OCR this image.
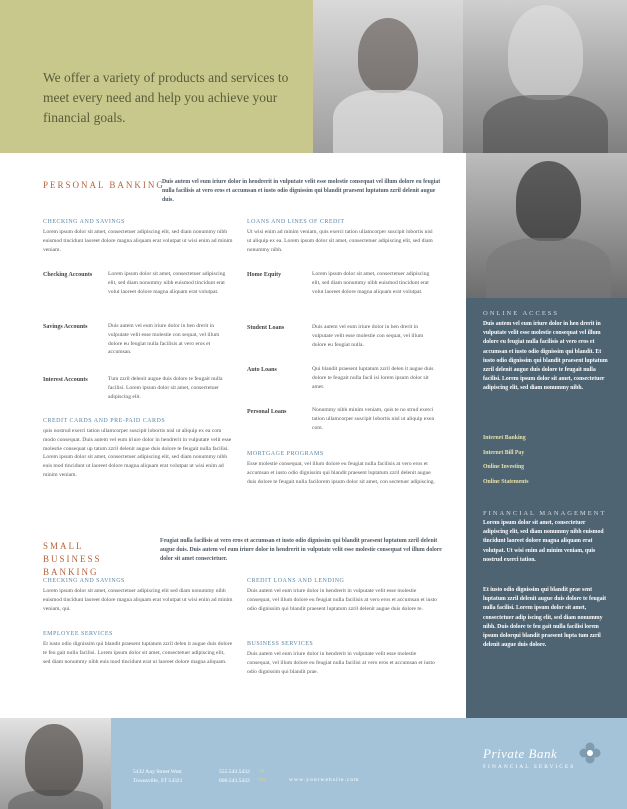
We offer a variety of products and services to meet every need and help you achieve your financial goals.
PERSONAL BANKING
Duis autem vel eum iriure dolor in hendrerit in vulputate velit esse molestie consequat vel illum dolore eu feugiat nulla facilisis at vero eros et accumsan et iusto odio dignissim qui blandit praesent luptatum zzril delenit augue duis.
CHECKING AND SAVINGS
Lorem ipsum dolor sit amet, consectetuer adipiscing elit, sed diam nonummy nibh euismod tincidunt laoreet dolore magna aliquam erat volutpat ut wisi enim ad minim veniam.
Checking Accounts	Lorem ipsum dolor sit amet, consectetuer adipiscing elit, sed diam nonummy nibh euismod tincidunt erat volut laoreet dolore magna aliquam erat volutpat.
Savings Accounts	Duis autem vel eum iriure dolor in hen drerit in vulputate velit esse molestie con sequat, vel illum dolore eu feugiat nulla facilisis at vero eros et accumsan.
Interest Accounts	Tum zzril delenit augue duis dolore te feugait nulla facilisi. Lorem ipsum dolor sit amet, consectetuer adipiscing elit.
LOANS AND LINES OF CREDIT
Ut wisi enim ad minim veniam, quis exerci tation ullamcorper suscipit lobortis nisl ut aliquip ex ea. Lorem ipsum dolor sit amet, consectetuer adipiscing elit, sed diam nonummy nibh.
Home Equity	Lorem ipsum dolor sit amet, consectetuer adipiscing elit, sed diam nonummy nibh euismod tincidunt erat volut laoreet dolore magna aliquam erat volutpat.
Student Loans	Duis autem vel eum iriure dolor in hen drerit in vulputate velit esse molestie con sequat, vel illum dolore eu feugiat nulla.
Auto Loans	Qui blandit praesent luptatum zzril delen it augue duis dolore te feugait nulla facil isi lorem ipsum dolor sit amet.
Personal Loans	Nonummy nibh minim veniam, quis te no strud exerci tation ullamcorper suscipit lobortis nisl ut aliquip exea com.
CREDIT CARDS AND PRE-PAID CARDS
quis nostrud exerci tation ullamcorper suscipit lobortis nisl ut aliquip ex ea com modo consequat. Duis autem vel eum iriure dolor in hendrerit in vulputate velit esse molestie consequat up tatum zzril delenit augue duis dolore te feugait nulla facilisi. Lorem ipsum dolor sit amet, consectetuer adipiscing elit, sed diam nonummy nibh euis mod tincidunt ut laoreet dolore magna aliquam erat volutpat ut wisi enim ad minim veniam.
MORTGAGE PROGRAMS
Esse molestie consequat, vel illum dolore eu feugiat nulla facilisis at vero eros et accumsan et iusto odio dignissim qui blandit praesent luptatum zzril delenit augue duis dolore te feugait nulla facilorem ipsum dolor sit amet, con sectetuer adipiscing.
SMALL BUSINESS BANKING
Feugiat nulla facilisis at vero eros et accumsan et iusto odio dignissim qui blandit praesent luptatum zzril delenit augue duis. Duis autem vel eum iriure dolor in hendrerit in vulputate velit esse molestie consequat vel illum dolore dolor sit amet consectetuer.
CHECKING AND SAVINGS
Lorem ipsum dolor sit amet, consectetuer adipiscing elit sed diam nonummy nibh euismod tincidunt laoreet dolore magna aliquam erat volutpat ut wisi enim ad minim veniam, qui.
EMPLOYEE SERVICES
Et iusto odio dignissim qui blandit praesent luptatum zzril delen it augue duis dolore te feu gait nulla facilisi. Lorem ipsum dolor sit amet, consectetuer adipiscing elit, sed diam nonummy nibh euis mod tincidunt erat ut laoreet dolore magna aliquam.
CREDIT LOANS AND LENDING
Duis autem vel eum iriure dolor in hendrerit in vulputate velit esse molestie consequat, vel illum dolore eu feugiat nulla facilisis at vero eros et accumsan et iusto odio dignissim qui blandit praesent luptatum zzril delenit augue duis dolore te.
BUSINESS SERVICES
Duis autem vel eum iriure dolor in hendrerit in vulputate velit esse molestie consequat, vel illum dolore eu feugiat nulla facilisi at vero eros et accumsan et iusto odio dignissim qui blandit prae.
ONLINE ACCESS
Duis autem vel eum iriure dolor in hen drerit in vulputate velit esse molestie consequat vel illum dolore eu feugiat nulla facilisis at vero eros et accumsan et iusto odio dignissim qui blandit. Et iusto odio dignissim qui blandit praesent luptatum zzril delenit augue duis dolore te feugait nulla facilisi. Lorem ipsum dolor sit amet, consectetuer adipiscing elit, sed diam nonummy nibh.
Internet Banking
Internet Bill Pay
Online Investing
Online Statements
FINANCIAL MANAGEMENT
Lorem ipsum dolor sit amet, consectetuer adipiscing elit, sed diam nonummy nibh euismod tincidunt laoreet dolore magna aliquam erat volutpat. Ut wisi enim ad minim veniam, quis nostrud exerci tation.
Et iusto odio dignissim qui blandit prae sent luptatum zzril delenit augue duis dolore te feugait nulla facilisi. Lorem ipsum dolor sit amet, consectetuer adip iscing elit, sed diam nonummy nibh. Duis dolore te feu gait nulla facilisi lorem ipsum dolorqui blandit praesent lupta tum zzril delenit augue duis dolore.
5432 Any Street West
Townsville, ST 54321
555.543.5432 tel
800.543.5432 fax	www.yourwebsite.com
Private Bank
FINANCIAL SERVICES
